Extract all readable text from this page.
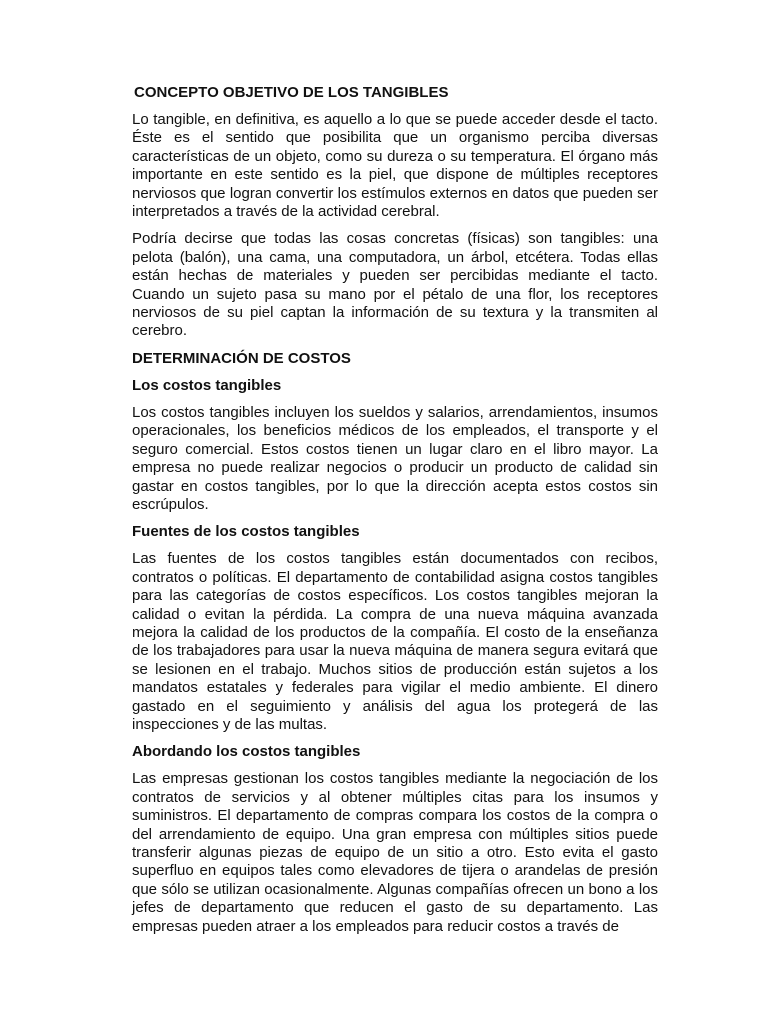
CONCEPTO OBJETIVO DE LOS TANGIBLES
Lo tangible, en definitiva, es aquello a lo que se puede acceder desde el tacto. Éste es el sentido que posibilita que un organismo perciba diversas características de un objeto, como su dureza o su temperatura. El órgano más importante en este sentido es la piel, que dispone de múltiples receptores nerviosos que logran convertir los estímulos externos en datos que pueden ser interpretados a través de la actividad cerebral.
Podría decirse que todas las cosas concretas (físicas) son tangibles: una pelota (balón), una cama, una computadora, un árbol, etcétera. Todas ellas están hechas de materiales y pueden ser percibidas mediante el tacto. Cuando un sujeto pasa su mano por el pétalo de una flor, los receptores nerviosos de su piel captan la información de su textura y la transmiten al cerebro.
DETERMINACIÓN DE COSTOS
Los costos tangibles
Los costos tangibles incluyen los sueldos y salarios, arrendamientos, insumos operacionales, los beneficios médicos de los empleados, el transporte y el seguro comercial. Estos costos tienen un lugar claro en el libro mayor. La empresa no puede realizar negocios o producir un producto de calidad sin gastar en costos tangibles, por lo que la dirección acepta estos costos sin escrúpulos.
Fuentes de los costos tangibles
Las fuentes de los costos tangibles están documentados con recibos, contratos o políticas. El departamento de contabilidad asigna costos tangibles para las categorías de costos específicos. Los costos tangibles mejoran la calidad o evitan la pérdida. La compra de una nueva máquina avanzada mejora la calidad de los productos de la compañía. El costo de la enseñanza de los trabajadores para usar la nueva máquina de manera segura evitará que se lesionen en el trabajo. Muchos sitios de producción están sujetos a los mandatos estatales y federales para vigilar el medio ambiente. El dinero gastado en el seguimiento y análisis del agua los protegerá de las inspecciones y de las multas.
Abordando los costos tangibles
Las empresas gestionan los costos tangibles mediante la negociación de los contratos de servicios y al obtener múltiples citas para los insumos y suministros. El departamento de compras compara los costos de la compra o del arrendamiento de equipo. Una gran empresa con múltiples sitios puede transferir algunas piezas de equipo de un sitio a otro. Esto evita el gasto superfluo en equipos tales como elevadores de tijera o arandelas de presión que sólo se utilizan ocasionalmente. Algunas compañías ofrecen un bono a los jefes de departamento que reducen el gasto de su departamento. Las empresas pueden atraer a los empleados para reducir costos a través de
